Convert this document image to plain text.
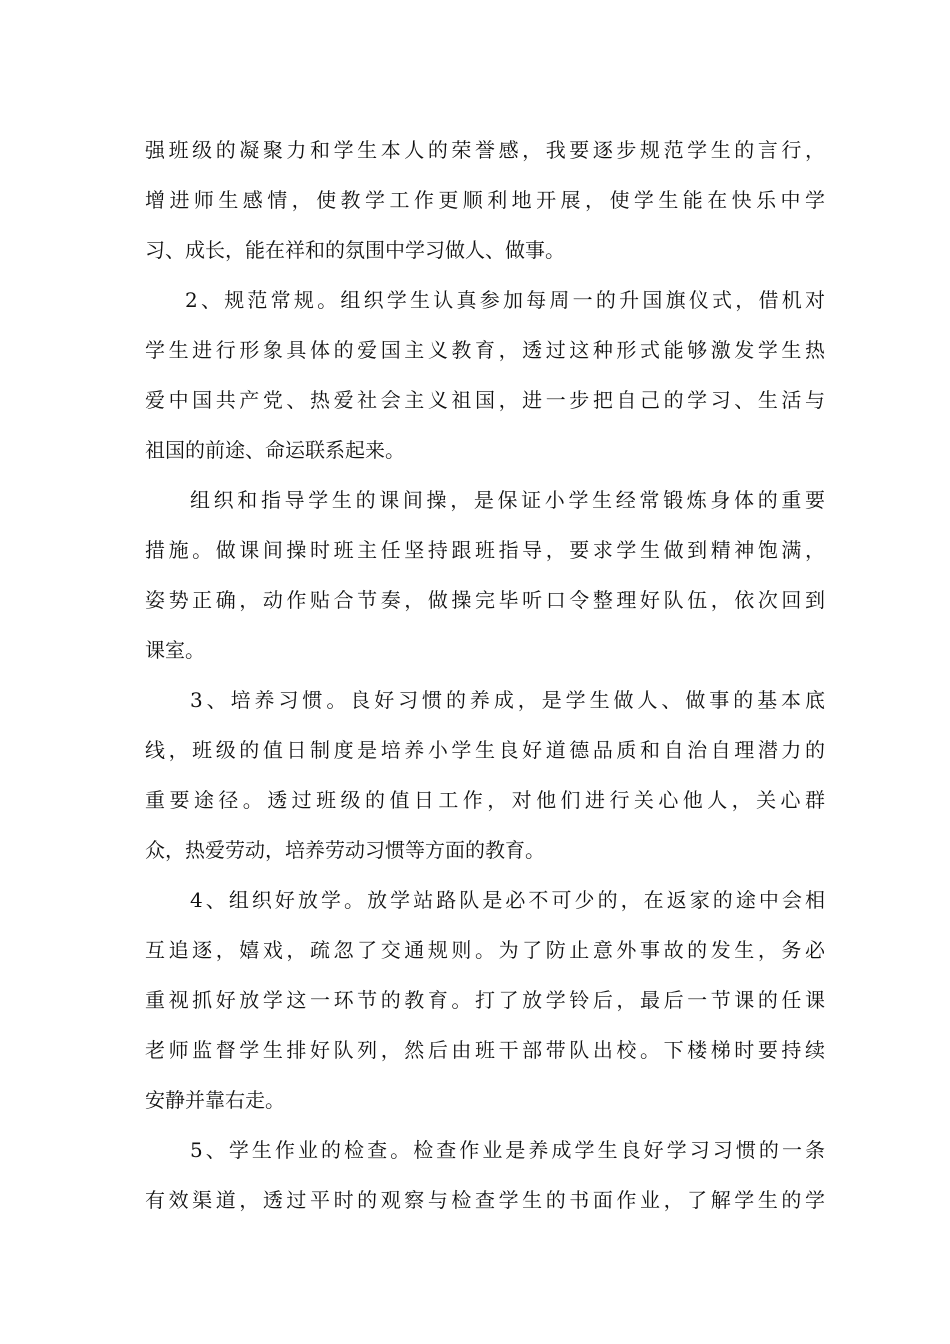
强班级的凝聚力和学生本人的荣誉感，我要逐步规范学生的言行，
增进师生感情，使教学工作更顺利地开展，使学生能在快乐中学
习、成长，能在祥和的氛围中学习做人、做事。
2、规范常规。组织学生认真参加每周一的升国旗仪式，借机对
学生进行形象具体的爱国主义教育，透过这种形式能够激发学生热
爱中国共产党、热爱社会主义祖国，进一步把自己的学习、生活与
祖国的前途、命运联系起来。
组织和指导学生的课间操，是保证小学生经常锻炼身体的重要
措施。做课间操时班主任坚持跟班指导，要求学生做到精神饱满，
姿势正确，动作贴合节奏，做操完毕听口令整理好队伍，依次回到
课室。
3、培养习惯。良好习惯的养成，是学生做人、做事的基本底
线，班级的值日制度是培养小学生良好道德品质和自治自理潜力的
重要途径。透过班级的值日工作，对他们进行关心他人，关心群
众，热爱劳动，培养劳动习惯等方面的教育。
4、组织好放学。放学站路队是必不可少的，在返家的途中会相
互追逐，嬉戏，疏忽了交通规则。为了防止意外事故的发生，务必
重视抓好放学这一环节的教育。打了放学铃后，最后一节课的任课
老师监督学生排好队列，然后由班干部带队出校。下楼梯时要持续
安静并靠右走。
5、学生作业的检查。检查作业是养成学生良好学习习惯的一条
有效渠道，透过平时的观察与检查学生的书面作业，了解学生的学
